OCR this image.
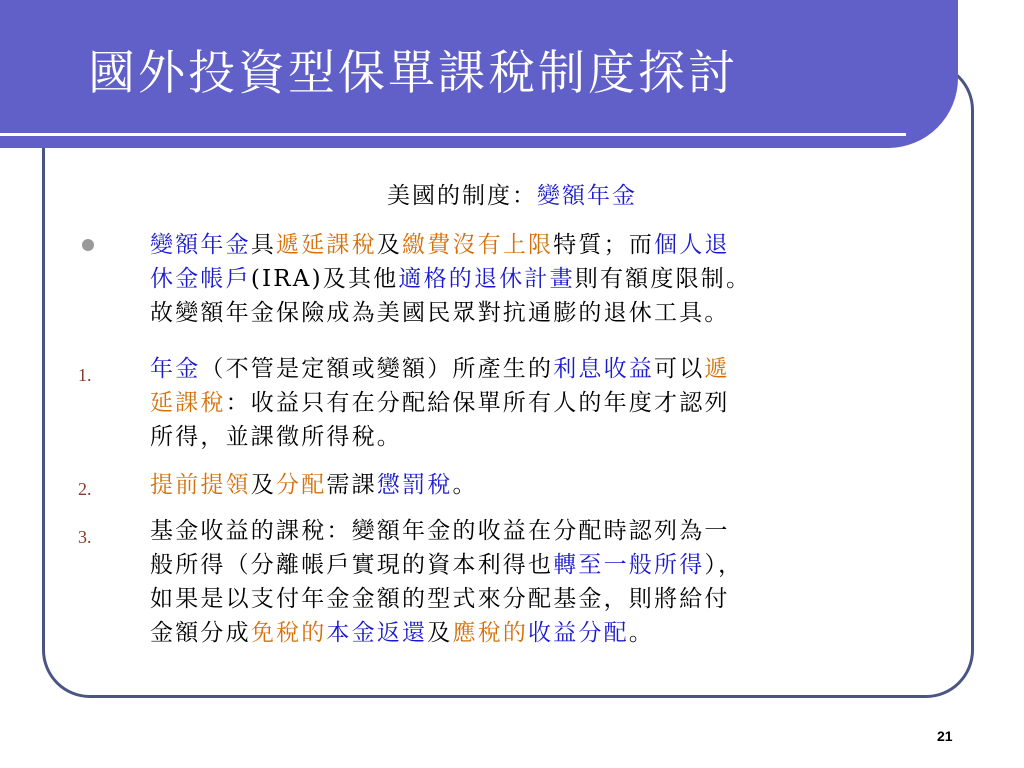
國外投資型保單課稅制度探討
美國的制度：變額年金
變額年金具遞延課稅及繳費沒有上限特質；而個人退
休金帳戶(IRA)及其他適格的退休計畫則有額度限制。
故變額年金保險成為美國民眾對抗通膨的退休工具。
1.	年金（不管是定額或變額）所產生的利息收益可以遞
延課稅：收益只有在分配給保單所有人的年度才認列
所得，並課徵所得稅。
2.	提前提領及分配需課懲罰稅。
3.	基金收益的課稅：變額年金的收益在分配時認列為一
般所得（分離帳戶實現的資本利得也轉至一般所得），
如果是以支付年金金額的型式來分配基金，則將給付
金額分成免稅的本金返還及應稅的收益分配。
21
